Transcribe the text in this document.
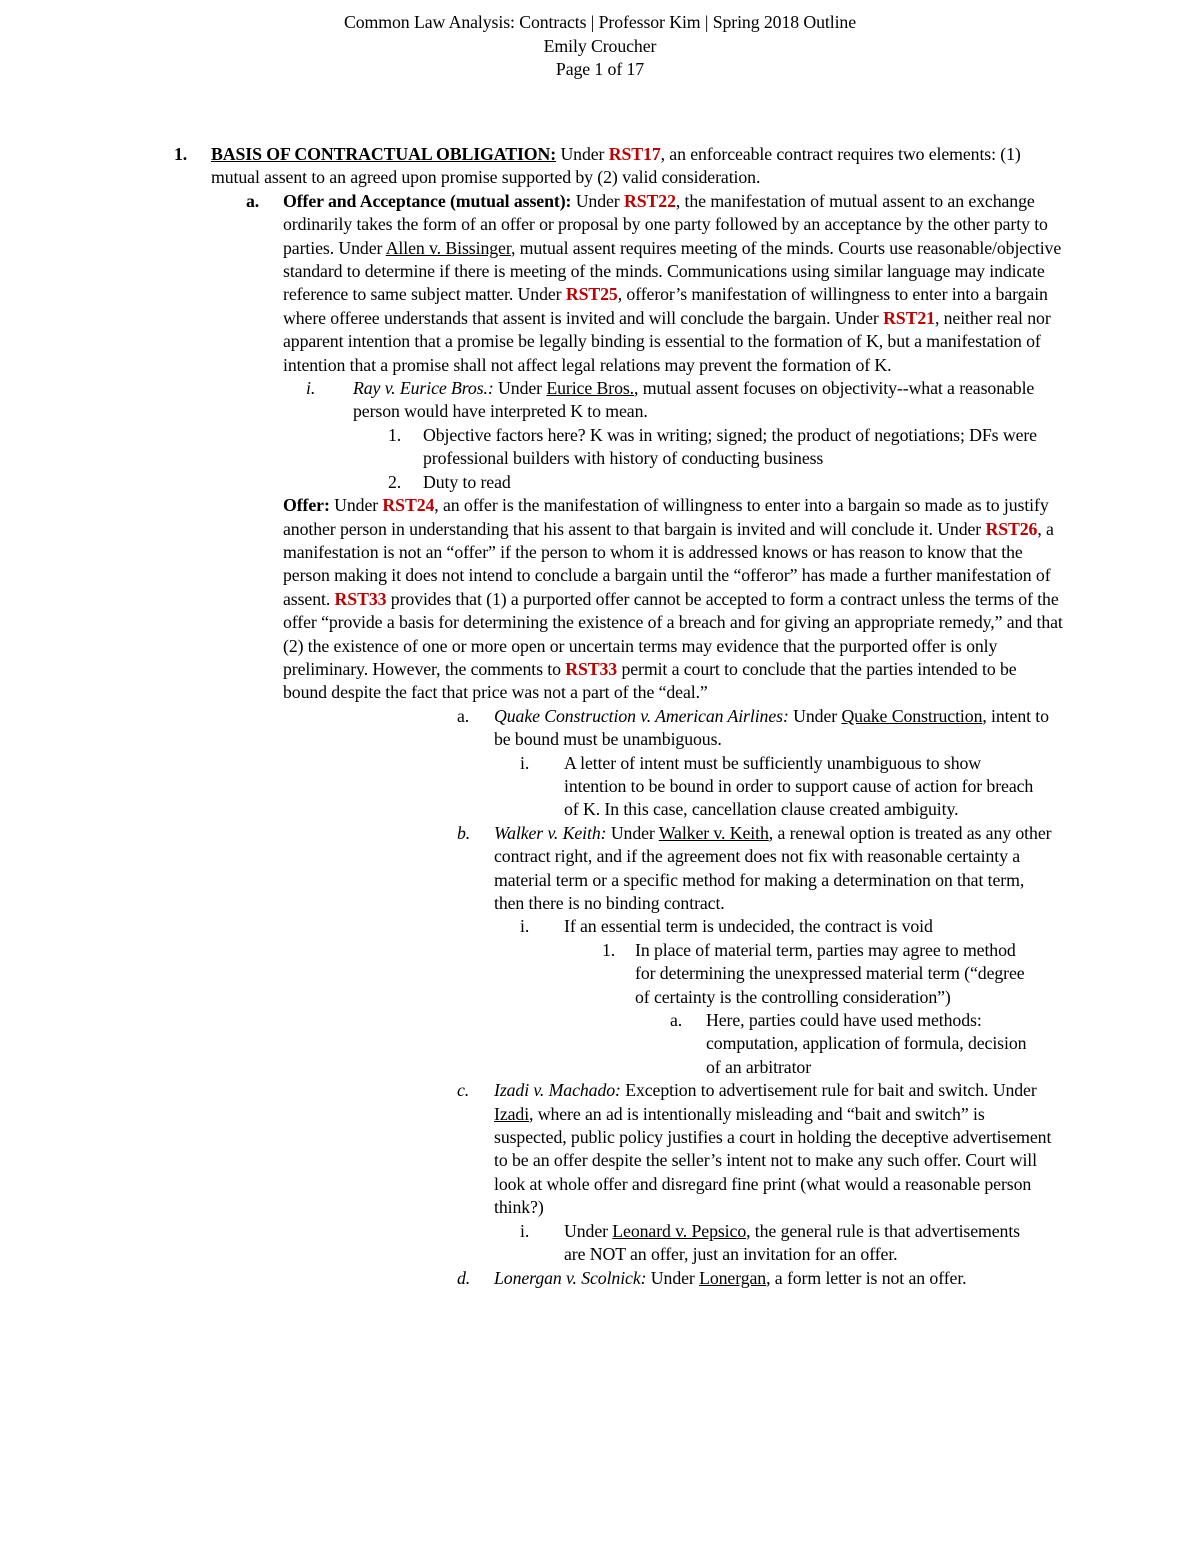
Common Law Analysis: Contracts | Professor Kim | Spring 2018 Outline
Emily Croucher
Page 1 of 17
1. BASIS OF CONTRACTUAL OBLIGATION: Under RST17, an enforceable contract requires two elements: (1) mutual assent to an agreed upon promise supported by (2) valid consideration.
a. Offer and Acceptance (mutual assent): Under RST22, the manifestation of mutual assent to an exchange ordinarily takes the form of an offer or proposal by one party followed by an acceptance by the other party to parties. Under Allen v. Bissinger, mutual assent requires meeting of the minds. Courts use reasonable/objective standard to determine if there is meeting of the minds. Communications using similar language may indicate reference to same subject matter. Under RST25, offeror’s manifestation of willingness to enter into a bargain where offeree understands that assent is invited and will conclude the bargain. Under RST21, neither real nor apparent intention that a promise be legally binding is essential to the formation of K, but a manifestation of intention that a promise shall not affect legal relations may prevent the formation of K.
i. Ray v. Eurice Bros.: Under Eurice Bros., mutual assent focuses on objectivity--what a reasonable person would have interpreted K to mean.
1. Objective factors here? K was in writing; signed; the product of negotiations; DFs were professional builders with history of conducting business
2. Duty to read
Offer: Under RST24, an offer is the manifestation of willingness to enter into a bargain so made as to justify another person in understanding that his assent to that bargain is invited and will conclude it. Under RST26, a manifestation is not an “offer” if the person to whom it is addressed knows or has reason to know that the person making it does not intend to conclude a bargain until the “offeror” has made a further manifestation of assent. RST33 provides that (1) a purported offer cannot be accepted to form a contract unless the terms of the offer “provide a basis for determining the existence of a breach and for giving an appropriate remedy,” and that (2) the existence of one or more open or uncertain terms may evidence that the purported offer is only preliminary. However, the comments to RST33 permit a court to conclude that the parties intended to be bound despite the fact that price was not a part of the “deal.”
a. Quake Construction v. American Airlines: Under Quake Construction, intent to be bound must be unambiguous.
i. A letter of intent must be sufficiently unambiguous to show intention to be bound in order to support cause of action for breach of K. In this case, cancellation clause created ambiguity.
b. Walker v. Keith: Under Walker v. Keith, a renewal option is treated as any other contract right, and if the agreement does not fix with reasonable certainty a material term or a specific method for making a determination on that term, then there is no binding contract.
i. If an essential term is undecided, the contract is void
1. In place of material term, parties may agree to method for determining the unexpressed material term (“degree of certainty is the controlling consideration”)
a. Here, parties could have used methods: computation, application of formula, decision of an arbitrator
c. Izadi v. Machado: Exception to advertisement rule for bait and switch. Under Izadi, where an ad is intentionally misleading and “bait and switch” is suspected, public policy justifies a court in holding the deceptive advertisement to be an offer despite the seller’s intent not to make any such offer. Court will look at whole offer and disregard fine print (what would a reasonable person think?)
i. Under Leonard v. Pepsico, the general rule is that advertisements are NOT an offer, just an invitation for an offer.
d. Lonergan v. Scolnick: Under Lonergan, a form letter is not an offer.
